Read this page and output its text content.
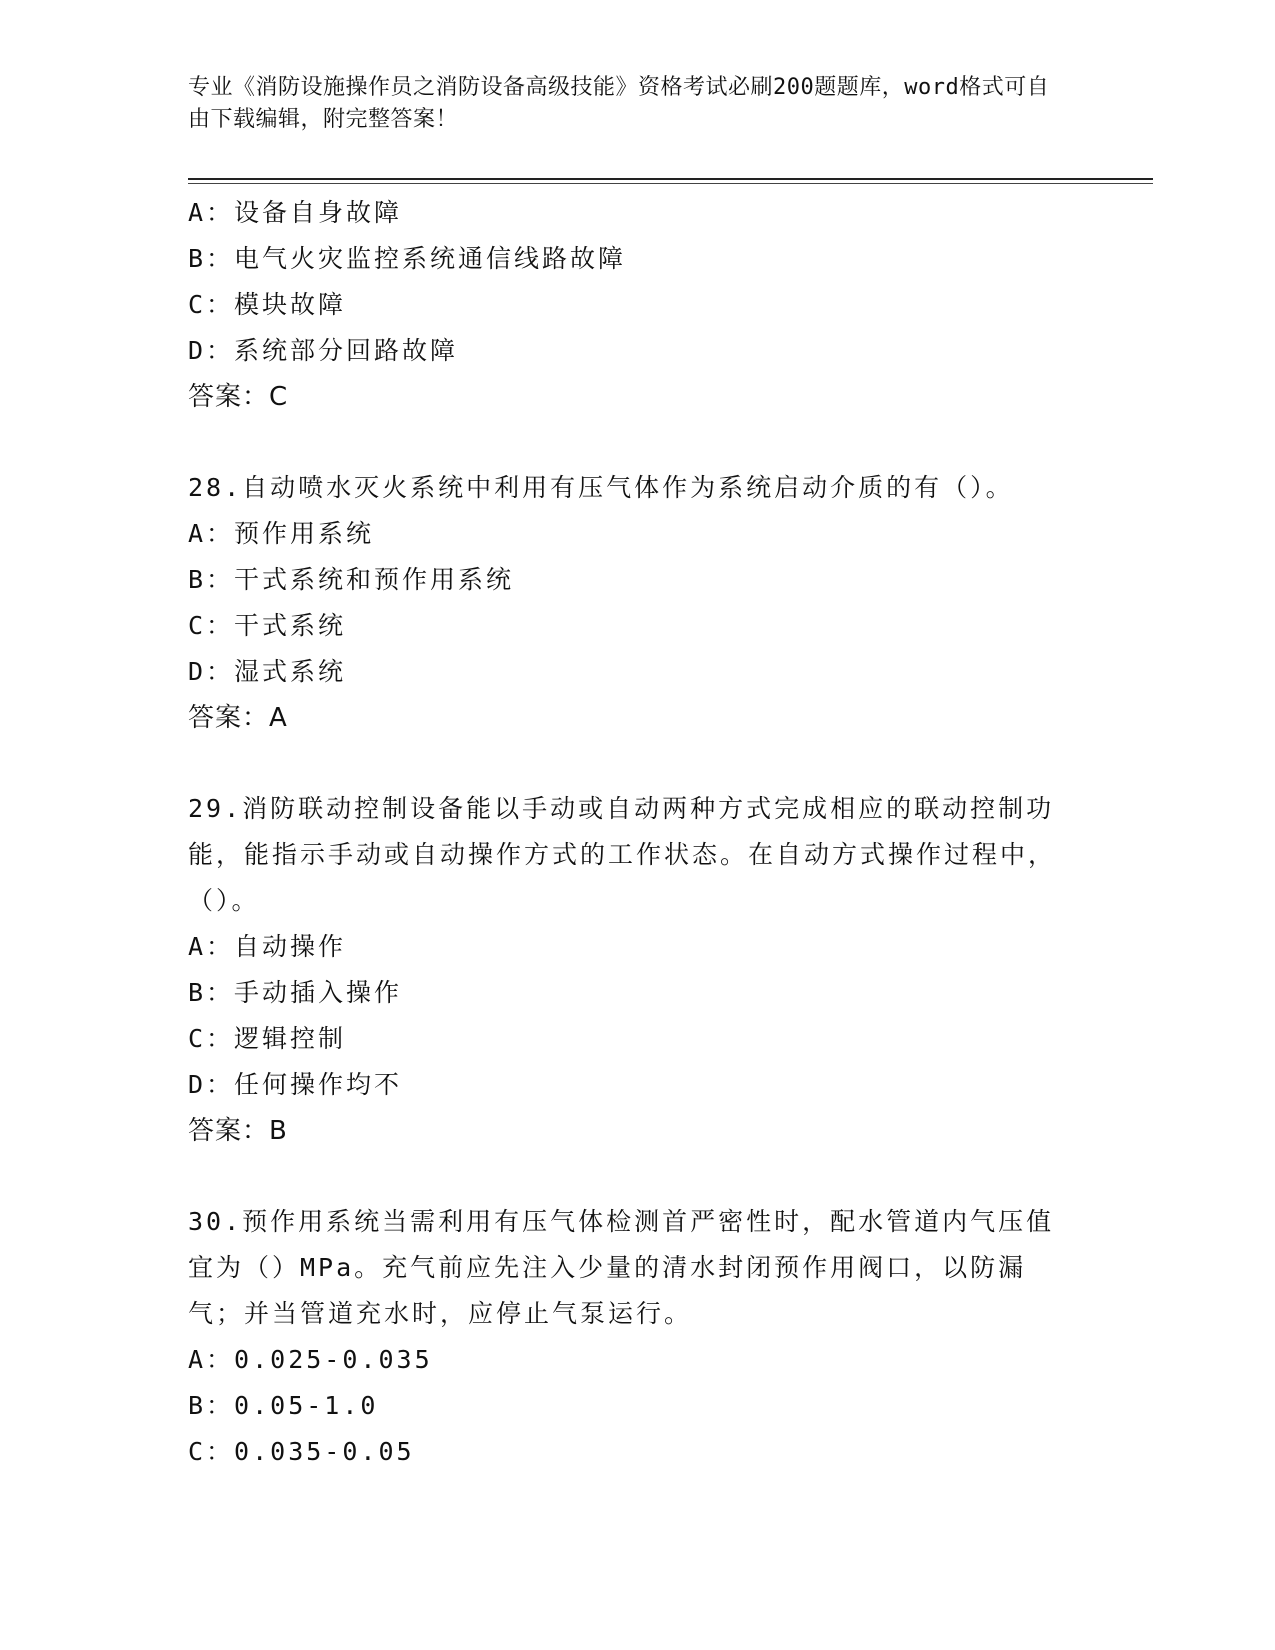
专业《消防设施操作员之消防设备高级技能》资格考试必刷200题题库，word格式可自由下载编辑，附完整答案！
A：设备自身故障
B：电气火灾监控系统通信线路故障
C：模块故障
D：系统部分回路故障
答案：C
28.自动喷水灭火系统中利用有压气体作为系统启动介质的有（）。
A：预作用系统
B：干式系统和预作用系统
C：干式系统
D：湿式系统
答案：A
29.消防联动控制设备能以手动或自动两种方式完成相应的联动控制功能，能指示手动或自动操作方式的工作状态。在自动方式操作过程中，（）。
A：自动操作
B：手动插入操作
C：逻辑控制
D：任何操作均不
答案：B
30.预作用系统当需利用有压气体检测首严密性时，配水管道内气压值宜为（）MPa。充气前应先注入少量的清水封闭预作用阀口，以防漏气；并当管道充水时，应停止气泵运行。
A：0.025-0.035
B：0.05-1.0
C：0.035-0.05
